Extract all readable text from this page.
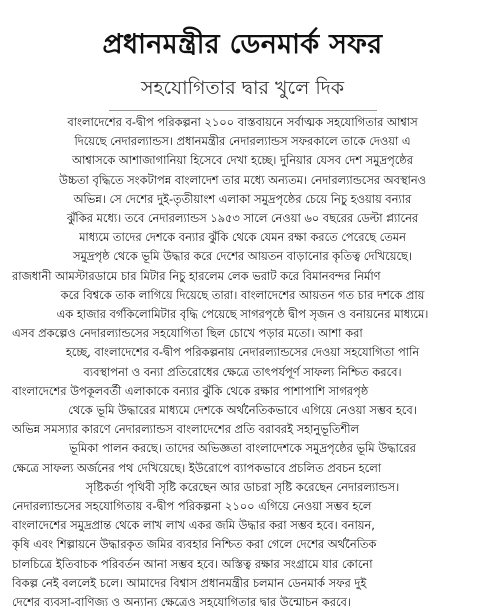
প্রধানমন্ত্রীর ডেনমার্ক সফর
সহযোগিতার দ্বার খুলে দিক
বাংলাদেশের ব-দ্বীপ পরিকল্পনা ২১০০ বাস্তবায়নে সর্বাত্মক সহযোগিতার আশ্বাস
দিয়েছে নেদারল্যান্ডস। প্রধানমন্ত্রীর নেদারল্যান্ডস সফরকালে তাকে দেওয়া এ
আশ্বাসকে আশাজাগানিয়া হিসেবে দেখা হচ্ছে। দুনিয়ার যেসব দেশ সমুদ্রপৃষ্ঠের
উচ্চতা বৃদ্ধিতে সংকটাপন্ন বাংলাদেশ তার মধ্যে অন্যতম। নেদারল্যান্ডসের অবস্থানও
অভিন্ন। সে দেশের দুই-তৃতীয়াংশ এলাকা সমুদ্রপৃষ্ঠের চেয়ে নিচু হওয়ায় বন্যার
ঝুঁকির মধ্যে। তবে নেদারল্যান্ডস ১৯৫৩ সালে নেওয়া ৬০ বছরের ডেল্টা প্ল্যানের
মাধ্যমে তাদের দেশকে বন্যার ঝুঁকি থেকে যেমন রক্ষা করতে পেরেছে তেমন
সমুদ্রপৃষ্ঠ থেকে ভূমি উদ্ধার করে দেশের আয়তন বাড়ানোর কৃতিত্ব দেখিয়েছে।
রাজধানী আমস্টারডামে চার মিটার নিচু হারলেম লেক ভরাট করে বিমানবন্দর নির্মাণ
করে বিশ্বকে তাক লাগিয়ে দিয়েছে তারা। বাংলাদেশের আয়তন গত চার দশকে প্রায়
এক হাজার বর্গকিলোমিটার বৃদ্ধি পেয়েছে সাগরপৃষ্ঠে দ্বীপ সৃজন ও বনায়নের মাধ্যমে।
এসব প্রকল্পেও নেদারল্যান্ডসের সহযোগিতা ছিল চোখে পড়ার মতো। আশা করা
হচ্ছে, বাংলাদেশের ব-দ্বীপ পরিকল্পনায় নেদারল্যান্ডসের দেওয়া সহযোগিতা পানি
ব্যবস্থাপনা ও বন্যা প্রতিরোধের ক্ষেত্রে তাৎপর্যপূর্ণ সাফল্য নিশ্চিত করবে।
বাংলাদেশের উপকূলবর্তী এলাকাকে বন্যার ঝুঁকি থেকে রক্ষার পাশাপাশি সাগরপৃষ্ঠ
থেকে ভূমি উদ্ধারের মাধ্যমে দেশকে অর্থনৈতিকভাবে এগিয়ে নেওয়া সম্ভব হবে।
অভিন্ন সমস্যার কারণে নেদারল্যান্ডস বাংলাদেশের প্রতি বরাবরই সহানুভূতিশীল
ভূমিকা পালন করছে। তাদের অভিজ্ঞতা বাংলাদেশকে সমুদ্রপৃষ্ঠের ভূমি উদ্ধারের
ক্ষেত্রে সাফল্য অর্জনের পথ দেখিয়েছে। ইউরোপে ব্যাপকভাবে প্রচলিত প্রবচন হলো
সৃষ্টিকর্তা পৃথিবী সৃষ্টি করেছেন আর ডাচরা সৃষ্টি করেছেন নেদারল্যান্ডস।
নেদারল্যান্ডসের সহযোগিতায় ব-দ্বীপ পরিকল্পনা ২১০০ এগিয়ে নেওয়া সম্ভব হলে
বাংলাদেশের সমুদ্রপ্রান্ত থেকে লাখ লাখ একর জমি উদ্ধার করা সম্ভব হবে। বনায়ন,
কৃষি এবং শিল্পায়নে উদ্ধারকৃত জমির ব্যবহার নিশ্চিত করা গেলে দেশের অর্থনৈতিক
চালচিত্রে ইতিবাচক পরিবর্তন আনা সম্ভব হবে। অস্তিত্ব রক্ষার সংগ্রামে যার কোনো
বিকল্প নেই বললেই চলে। আমাদের বিশ্বাস প্রধানমন্ত্রীর চলমান ডেনমার্ক সফর দুই
দেশের ব্যবসা-বাণিজ্য ও অন্যান্য ক্ষেত্রেও সহযোগিতার দ্বার উন্মোচন করবে।
